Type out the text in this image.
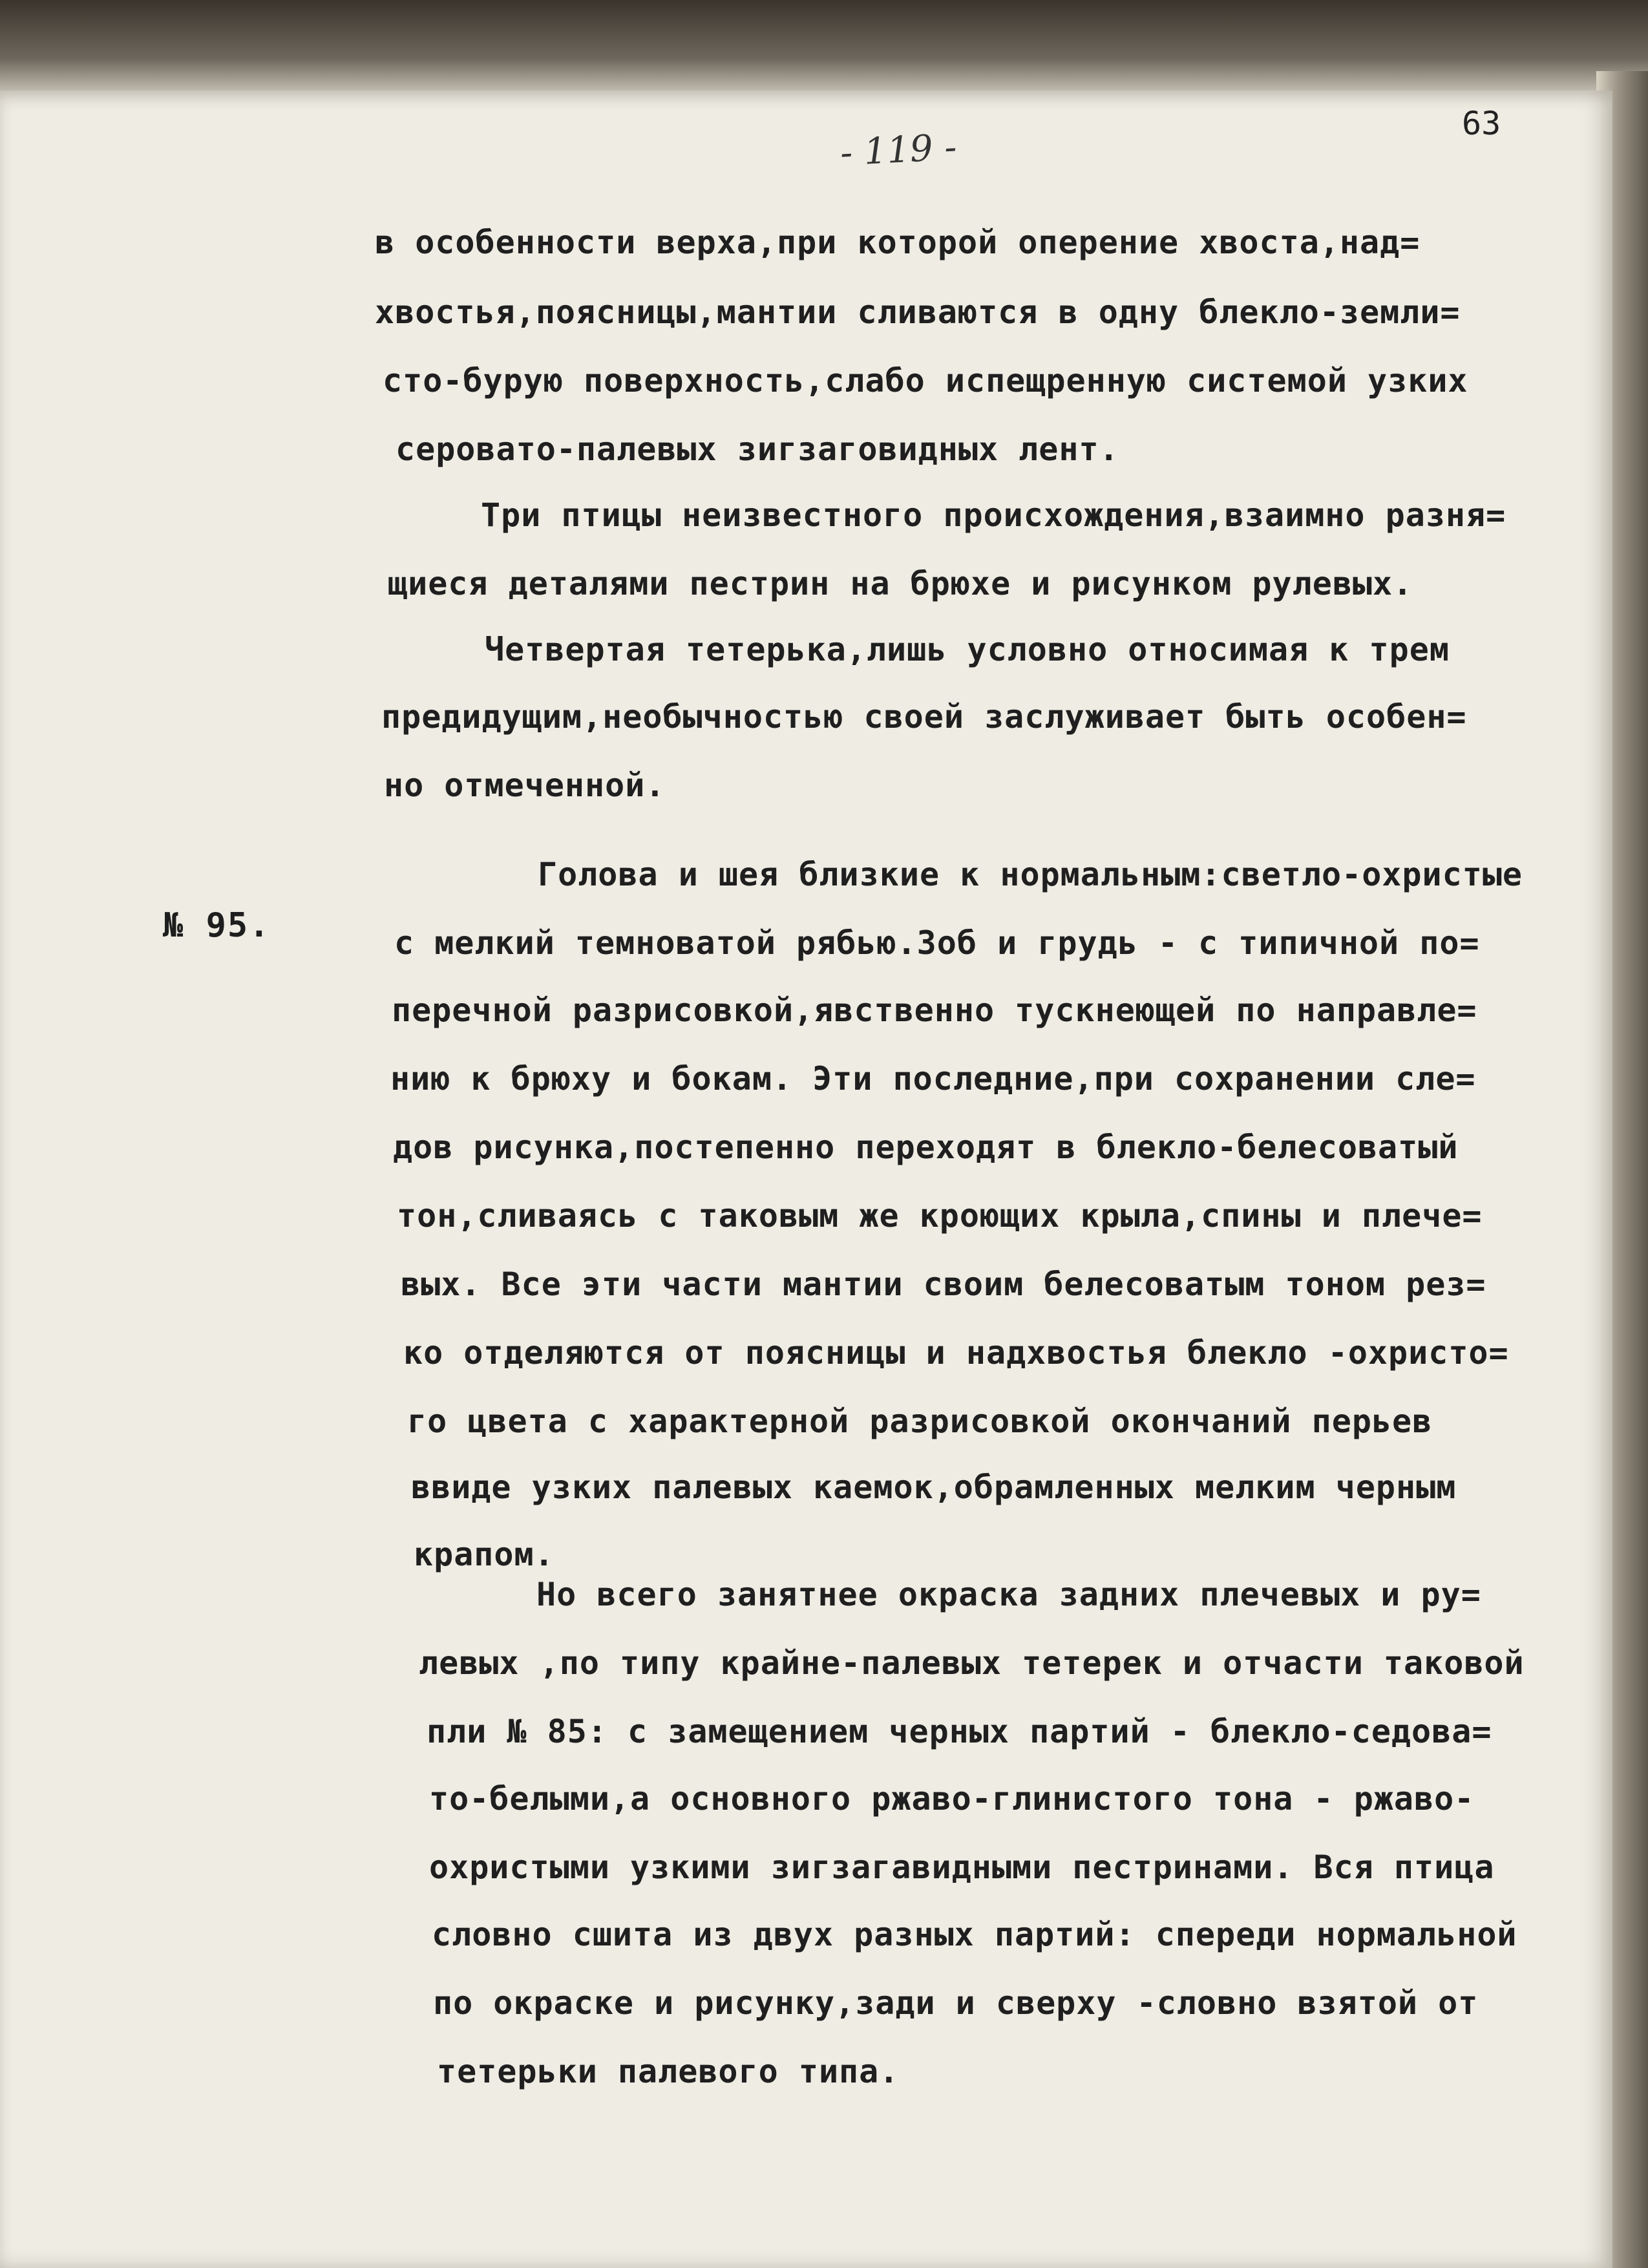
63
- 119 -
№ 95.
в особенности верха,при которой оперение хвоста,над=
хвостья,поясницы,мантии сливаются в одну блекло-земли=
сто-бурую поверхность,слабо испещренную системой узких
серовато-палевых зигзаговидных лент.
Три птицы неизвестного происхождения,взаимно разня=
щиеся деталями пестрин на брюхе и рисунком рулевых.
Четвертая тетерька,лишь условно относимая к трем
предидущим,необычностью своей заслуживает быть особен=
но отмеченной.
Голова и шея близкие к нормальным:светло-охристые
с мелкий темноватой рябью.Зоб и грудь - с типичной по=
перечной разрисовкой,явственно тускнеющей по направле=
нию к брюху и бокам. Эти последние,при сохранении сле=
дов рисунка,постепенно переходят в блекло-белесоватый
тон,сливаясь с таковым же кроющих крыла,спины и плече=
вых. Все эти части мантии своим белесоватым тоном рез=
ко отделяются от поясницы и надхвостья блекло -охристо=
го цвета с характерной разрисовкой окончаний перьев
ввиде узких палевых каемок,обрамленных мелким черным
крапом.
Но всего занятнее окраска задних плечевых и ру=
левых ,по типу крайне-палевых тетерек и отчасти таковой
пли № 85: с замещением черных партий - блекло-седова=
то-белыми,а основного ржаво-глинистого тона - ржаво-
охристыми узкими зигзагавидными пестринами. Вся птица
словно сшита из двух разных партий: спереди нормальной
по окраске и рисунку,зади и сверху -словно взятой от
тетерьки палевого типа.
